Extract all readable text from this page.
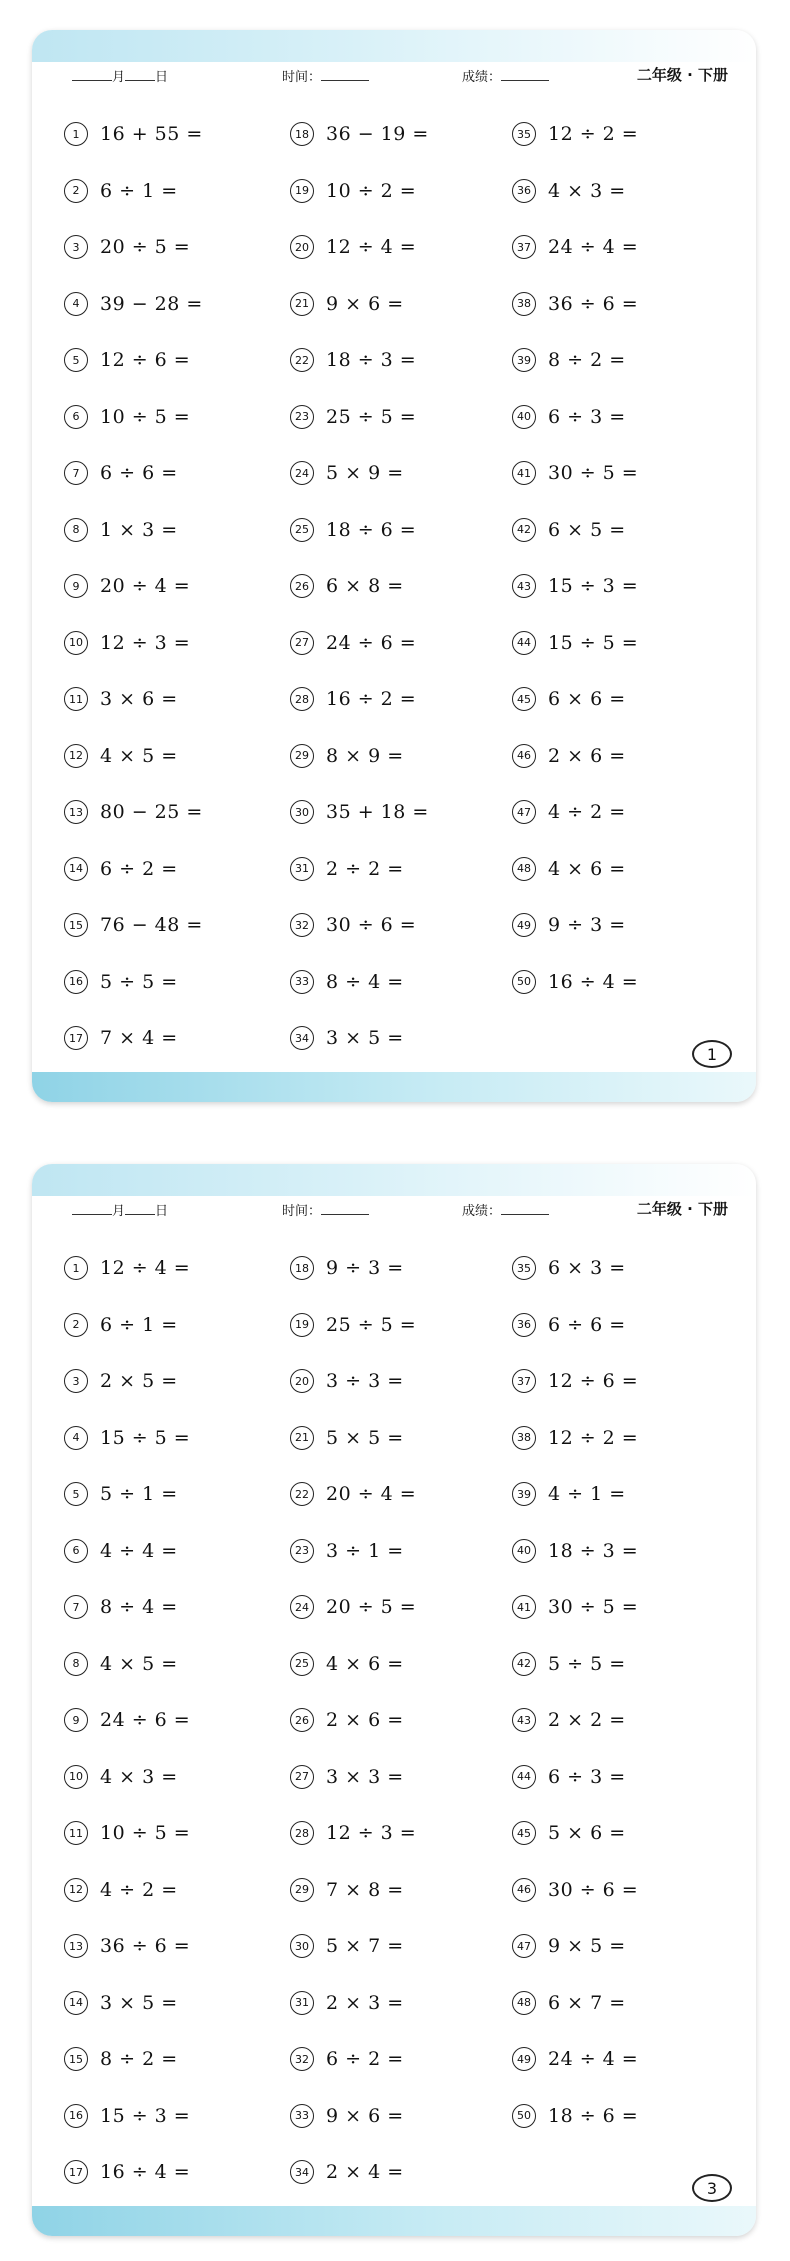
月 日	时间：	成绩：	二年级 · 下册
1	16 + 55 =
2	6 ÷ 1 =
3	20 ÷ 5 =
4	39 − 28 =
5	12 ÷ 6 =
6	10 ÷ 5 =
7	6 ÷ 6 =
8	1 × 3 =
9	20 ÷ 4 =
10 12 ÷ 3 =
11 3 × 6 =
12 4 × 5 =
13 80 − 25 =
14 6 ÷ 2 =
15 76 − 48 =
16 5 ÷ 5 =
17 7 × 4 =
18 36 − 19 =
19 10 ÷ 2 =
20 12 ÷ 4 =
21 9 × 6 =
22 18 ÷ 3 =
23 25 ÷ 5 =
24 5 × 9 =
25 18 ÷ 6 =
26 6 × 8 =
27 24 ÷ 6 =
28 16 ÷ 2 =
29 8 × 9 =
30 35 + 18 =
31 2 ÷ 2 =
32 30 ÷ 6 =
33 8 ÷ 4 =
34 3 × 5 =
35 12 ÷ 2 =
36 4 × 3 =
37 24 ÷ 4 =
38 36 ÷ 6 =
39 8 ÷ 2 =
40 6 ÷ 3 =
41 30 ÷ 5 =
42 6 × 5 =
43 15 ÷ 3 =
44 15 ÷ 5 =
45 6 × 6 =
46 2 × 6 =
47 4 ÷ 2 =
48 4 × 6 =
49 9 ÷ 3 =
50 16 ÷ 4 =
1
月 日	时间：	成绩：	二年级 · 下册
1	12 ÷ 4 =
2	6 ÷ 1 =
3	2 × 5 =
4	15 ÷ 5 =
5	5 ÷ 1 =
6	4 ÷ 4 =
7	8 ÷ 4 =
8	4 × 5 =
9	24 ÷ 6 =
10 4 × 3 =
11 10 ÷ 5 =
12 4 ÷ 2 =
13 36 ÷ 6 =
14 3 × 5 =
15 8 ÷ 2 =
16 15 ÷ 3 =
17 16 ÷ 4 =
18 9 ÷ 3 =
19 25 ÷ 5 =
20 3 ÷ 3 =
21 5 × 5 =
22 20 ÷ 4 =
23 3 ÷ 1 =
24 20 ÷ 5 =
25 4 × 6 =
26 2 × 6 =
27 3 × 3 =
28 12 ÷ 3 =
29 7 × 8 =
30 5 × 7 =
31 2 × 3 =
32 6 ÷ 2 =
33 9 × 6 =
34 2 × 4 =
35 6 × 3 =
36 6 ÷ 6 =
37 12 ÷ 6 =
38 12 ÷ 2 =
39 4 ÷ 1 =
40 18 ÷ 3 =
41 30 ÷ 5 =
42 5 ÷ 5 =
43 2 × 2 =
44 6 ÷ 3 =
45 5 × 6 =
46 30 ÷ 6 =
47 9 × 5 =
48 6 × 7 =
49 24 ÷ 4 =
50 18 ÷ 6 =
3
